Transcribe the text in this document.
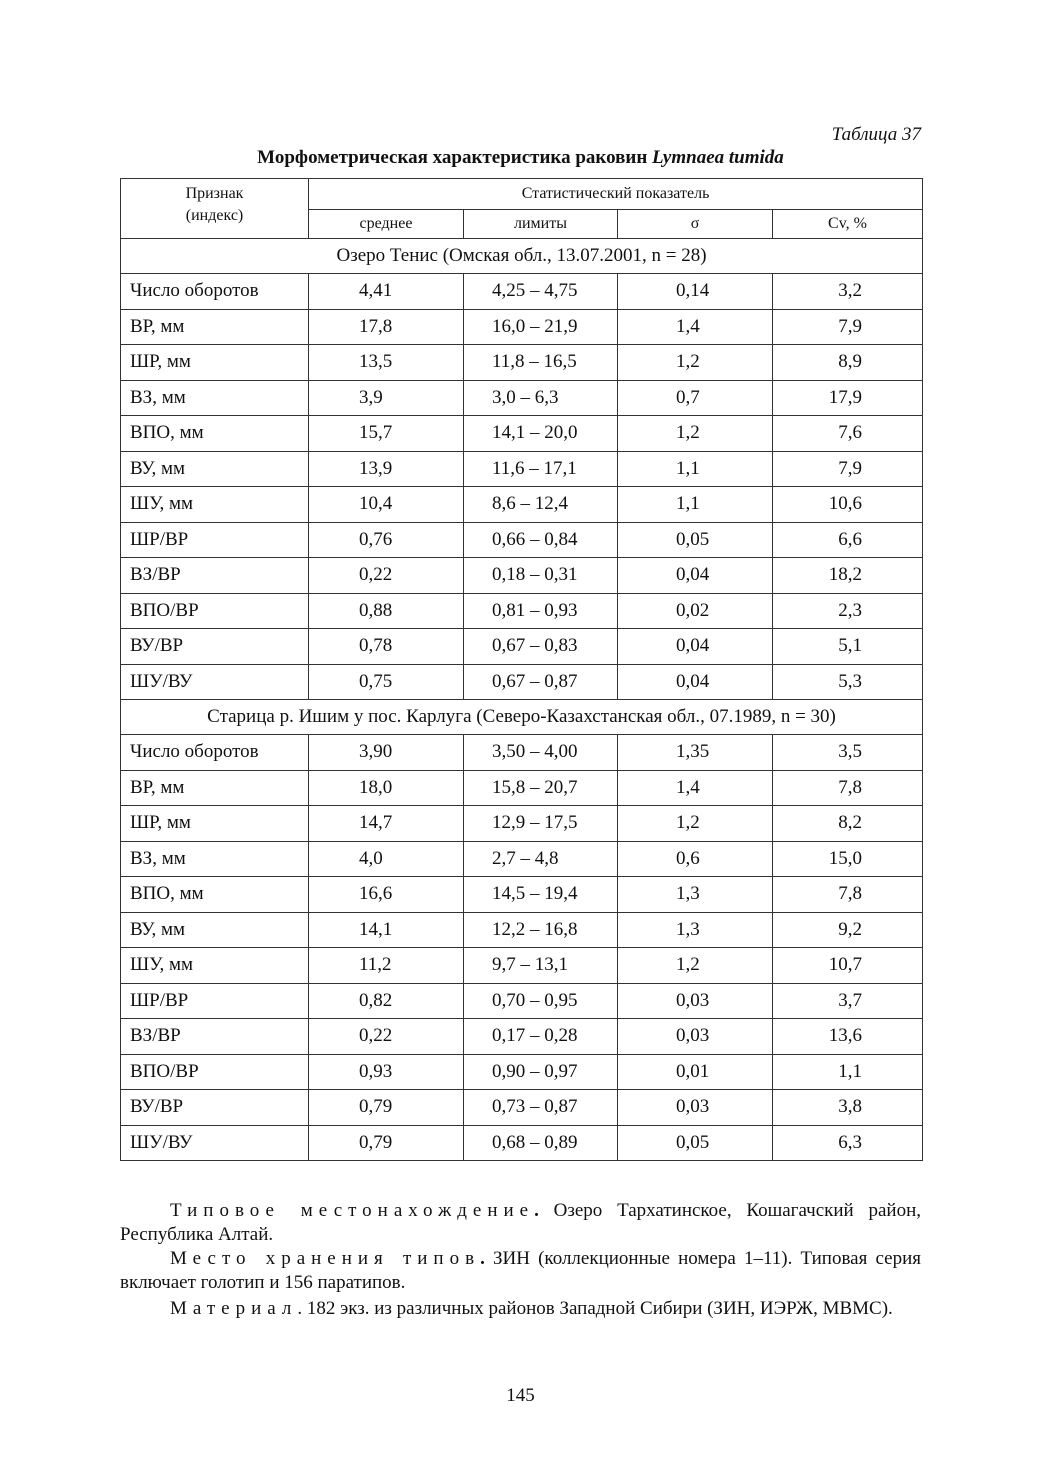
Таблица 37
Морфометрическая характеристика раковин Lymnaea tumida
Признак
(индекс)	Статистический показатель			
	среднее	лимиты	σ	Cv, %
Озеро Тенис (Омская обл., 13.07.2001, n = 28)				
Число оборотов	4,41	4,25 – 4,75	0,14	3,2
ВР, мм	17,8	16,0 – 21,9	1,4	7,9
ШР, мм	13,5	11,8 – 16,5	1,2	8,9
ВЗ, мм	3,9	3,0 – 6,3	0,7	17,9
ВПО, мм	15,7	14,1 – 20,0	1,2	7,6
ВУ, мм	13,9	11,6 – 17,1	1,1	7,9
ШУ, мм	10,4	8,6 – 12,4	1,1	10,6
ШР/ВР	0,76	0,66 – 0,84	0,05	6,6
ВЗ/ВР	0,22	0,18 – 0,31	0,04	18,2
ВПО/ВР	0,88	0,81 – 0,93	0,02	2,3
ВУ/ВР	0,78	0,67 – 0,83	0,04	5,1
ШУ/ВУ	0,75	0,67 – 0,87	0,04	5,3
Старица р. Ишим у пос. Карлуга (Северо-Казахстанская обл., 07.1989, n = 30)				
Число оборотов	3,90	3,50 – 4,00	1,35	3,5
ВР, мм	18,0	15,8 – 20,7	1,4	7,8
ШР, мм	14,7	12,9 – 17,5	1,2	8,2
ВЗ, мм	4,0	2,7 – 4,8	0,6	15,0
ВПО, мм	16,6	14,5 – 19,4	1,3	7,8
ВУ, мм	14,1	12,2 – 16,8	1,3	9,2
ШУ, мм	11,2	9,7 – 13,1	1,2	10,7
ШР/ВР	0,82	0,70 – 0,95	0,03	3,7
ВЗ/ВР	0,22	0,17 – 0,28	0,03	13,6
ВПО/ВР	0,93	0,90 – 0,97	0,01	1,1
ВУ/ВР	0,79	0,73 – 0,87	0,03	3,8
ШУ/ВУ	0,79	0,68 – 0,89	0,05	6,3
Типовое местонахождение. Озеро Тархатинское, Кошагачский район, Республика Алтай.
Место хранения типов. ЗИН (коллекционные номера 1–11). Типовая серия включает голотип и 156 паратипов.
Материал. 182 экз. из различных районов Западной Сибири (ЗИН, ИЭРЖ, МВМС).
145
